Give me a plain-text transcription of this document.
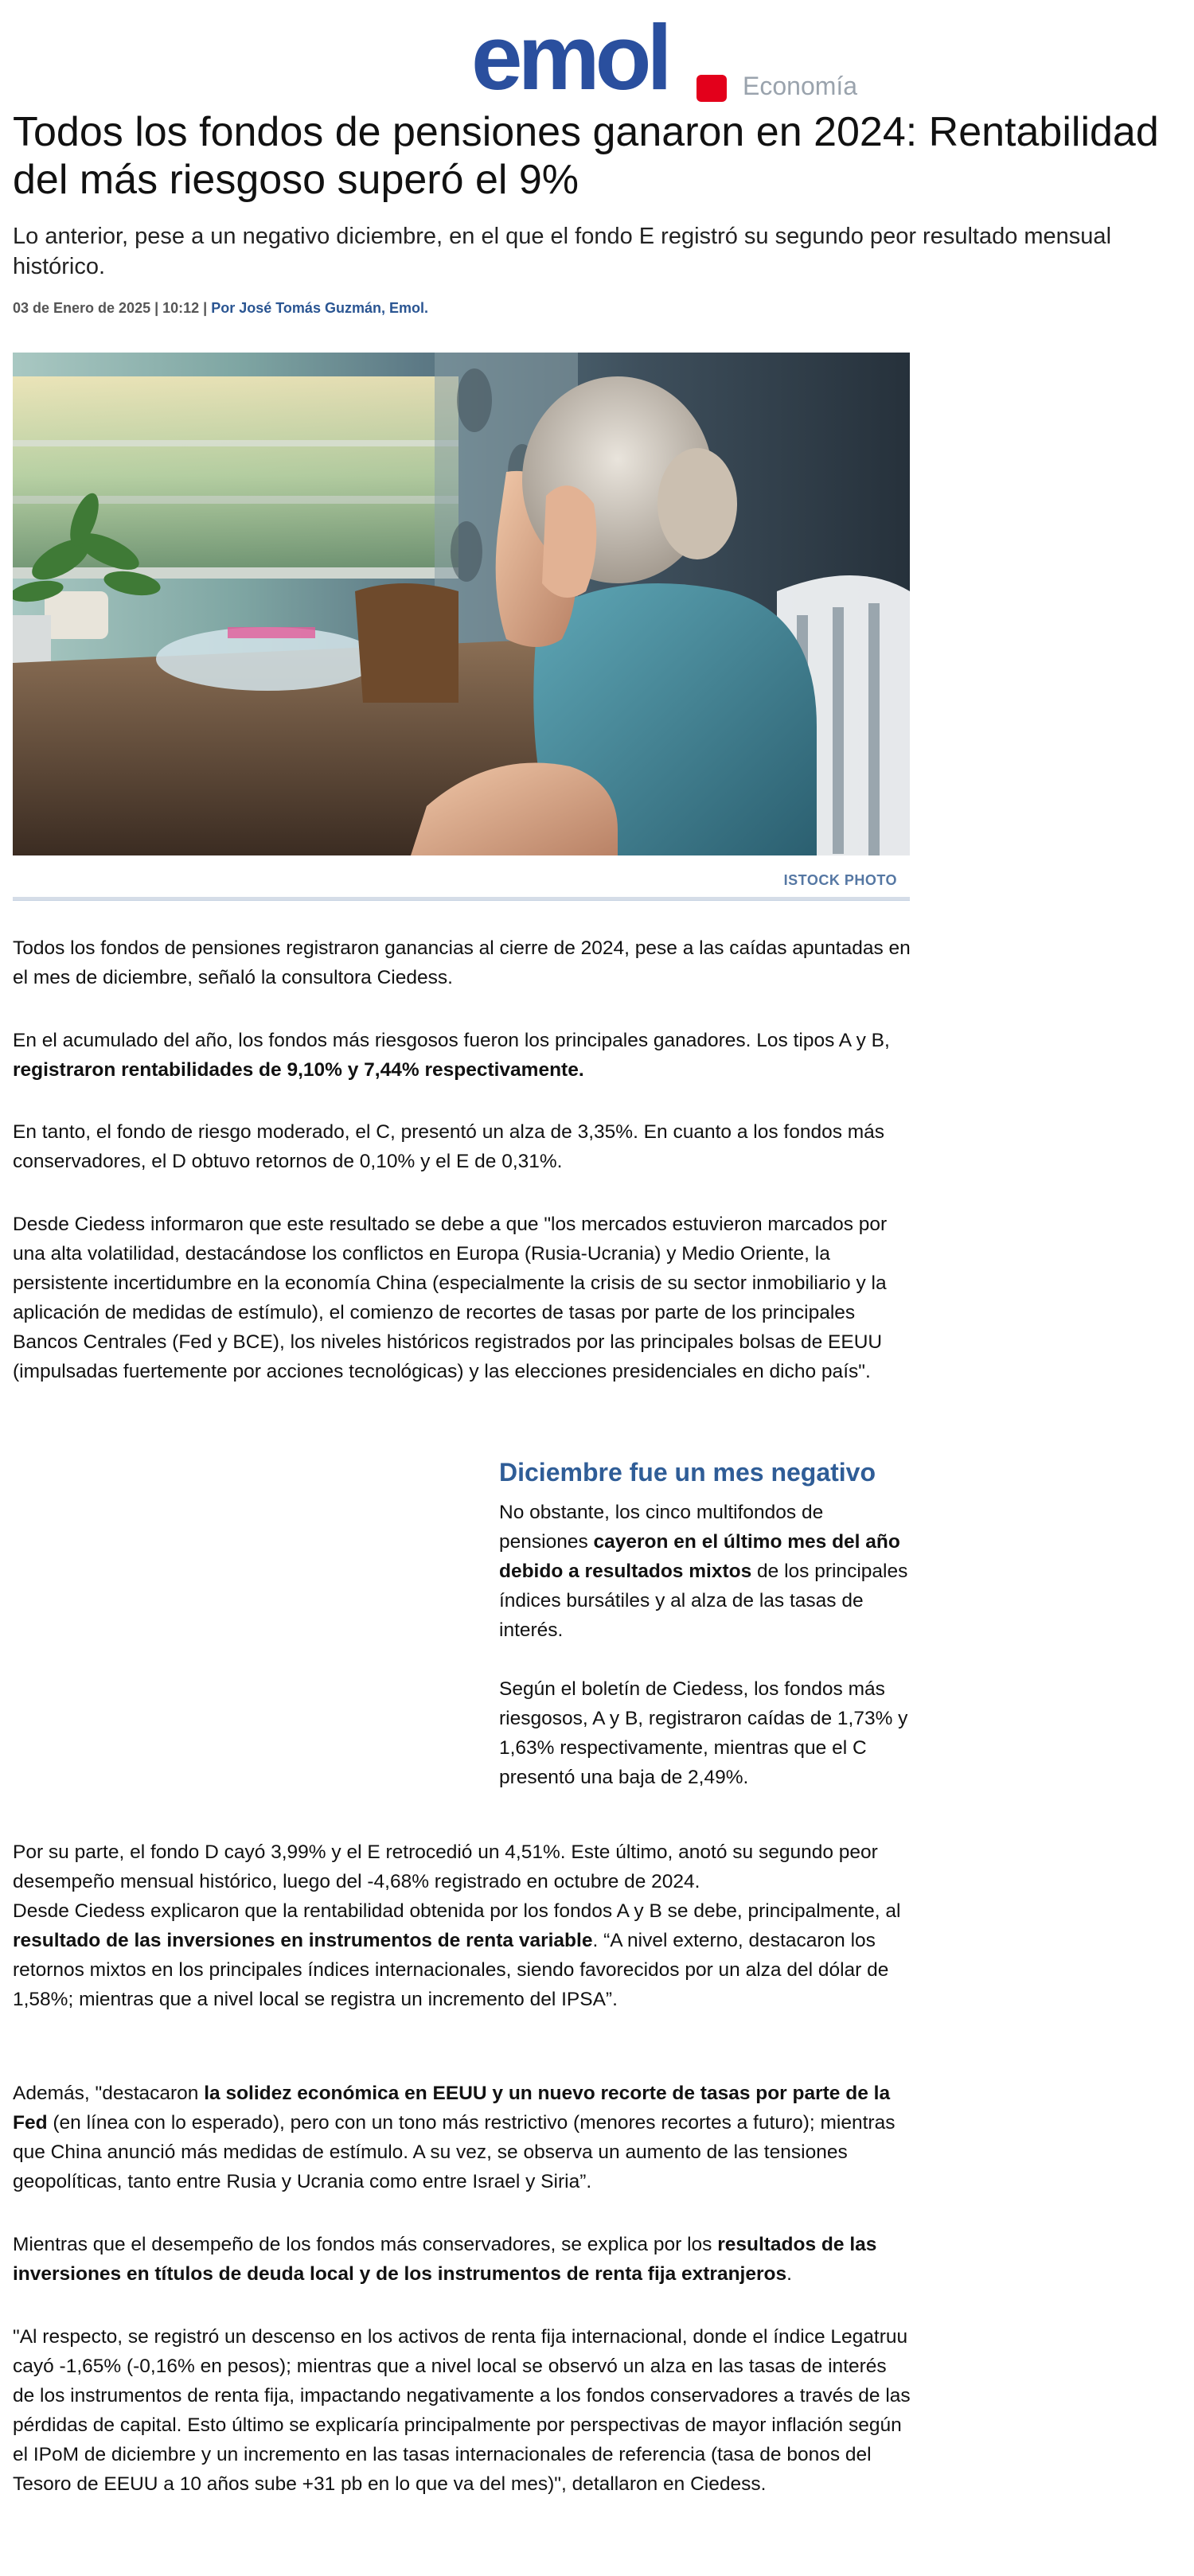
emol	Economía
Todos los fondos de pensiones ganaron en 2024: Rentabilidad del más riesgoso superó el 9%

Lo anterior, pese a un negativo diciembre, en el que el fondo E registró su segundo peor resultado mensual histórico.

03 de Enero de 2025 | 10:12 | Por José Tomás Guzmán, Emol.
ISTOCK PHOTO

Todos los fondos de pensiones registraron ganancias al cierre de 2024, pese a las caídas apuntadas en el mes de diciembre, señaló la consultora Ciedess.

En el acumulado del año, los fondos más riesgosos fueron los principales ganadores. Los tipos A y B, registraron rentabilidades de 9,10% y 7,44% respectivamente.

En tanto, el fondo de riesgo moderado, el C, presentó un alza de 3,35%. En cuanto a los fondos más conservadores, el D obtuvo retornos de 0,10% y el E de 0,31%.

Desde Ciedess informaron que este resultado se debe a que "los mercados estuvieron marcados por una alta volatilidad, destacándose los conflictos en Europa (Rusia-Ucrania) y Medio Oriente, la persistente incertidumbre en la economía China (especialmente la crisis de su sector inmobiliario y la aplicación de medidas de estímulo), el comienzo de recortes de tasas por parte de los principales Bancos Centrales (Fed y BCE), los niveles históricos registrados por las principales bolsas de EEUU (impulsadas fuertemente por acciones tecnológicas) y las elecciones presidenciales en dicho país".

Diciembre fue un mes negativo

No obstante, los cinco multifondos de pensiones cayeron en el último mes del año debido a resultados mixtos de los principales índices bursátiles y al alza de las tasas de interés.

Según el boletín de Ciedess, los fondos más riesgosos, A y B, registraron caídas de 1,73% y 1,63% respectivamente, mientras que el C presentó una baja de 2,49%.

Por su parte, el fondo D cayó 3,99% y el E retrocedió un 4,51%. Este último, anotó su segundo peor desempeño mensual histórico, luego del -4,68% registrado en octubre de 2024.

Desde Ciedess explicaron que la rentabilidad obtenida por los fondos A y B se debe, principalmente, al resultado de las inversiones en instrumentos de renta variable. “A nivel externo, destacaron los retornos mixtos en los principales índices internacionales, siendo favorecidos por un alza del dólar de 1,58%; mientras que a nivel local se registra un incremento del IPSA”.

Además, "destacaron la solidez económica en EEUU y un nuevo recorte de tasas por parte de la Fed (en línea con lo esperado), pero con un tono más restrictivo (menores recortes a futuro); mientras que China anunció más medidas de estímulo. A su vez, se observa un aumento de las tensiones geopolíticas, tanto entre Rusia y Ucrania como entre Israel y Siria”.

Mientras que el desempeño de los fondos más conservadores, se explica por los resultados de las inversiones en títulos de deuda local y de los instrumentos de renta fija extranjeros.

"Al respecto, se registró un descenso en los activos de renta fija internacional, donde el índice Legatruu cayó -1,65% (-0,16% en pesos); mientras que a nivel local se observó un alza en las tasas de interés de los instrumentos de renta fija, impactando negativamente a los fondos conservadores a través de las pérdidas de capital. Esto último se explicaría principalmente por perspectivas de mayor inflación según el IPoM de diciembre y un incremento en las tasas internacionales de referencia (tasa de bonos del Tesoro de EEUU a 10 años sube +31 pb en lo que va del mes)", detallaron en Ciedess.
